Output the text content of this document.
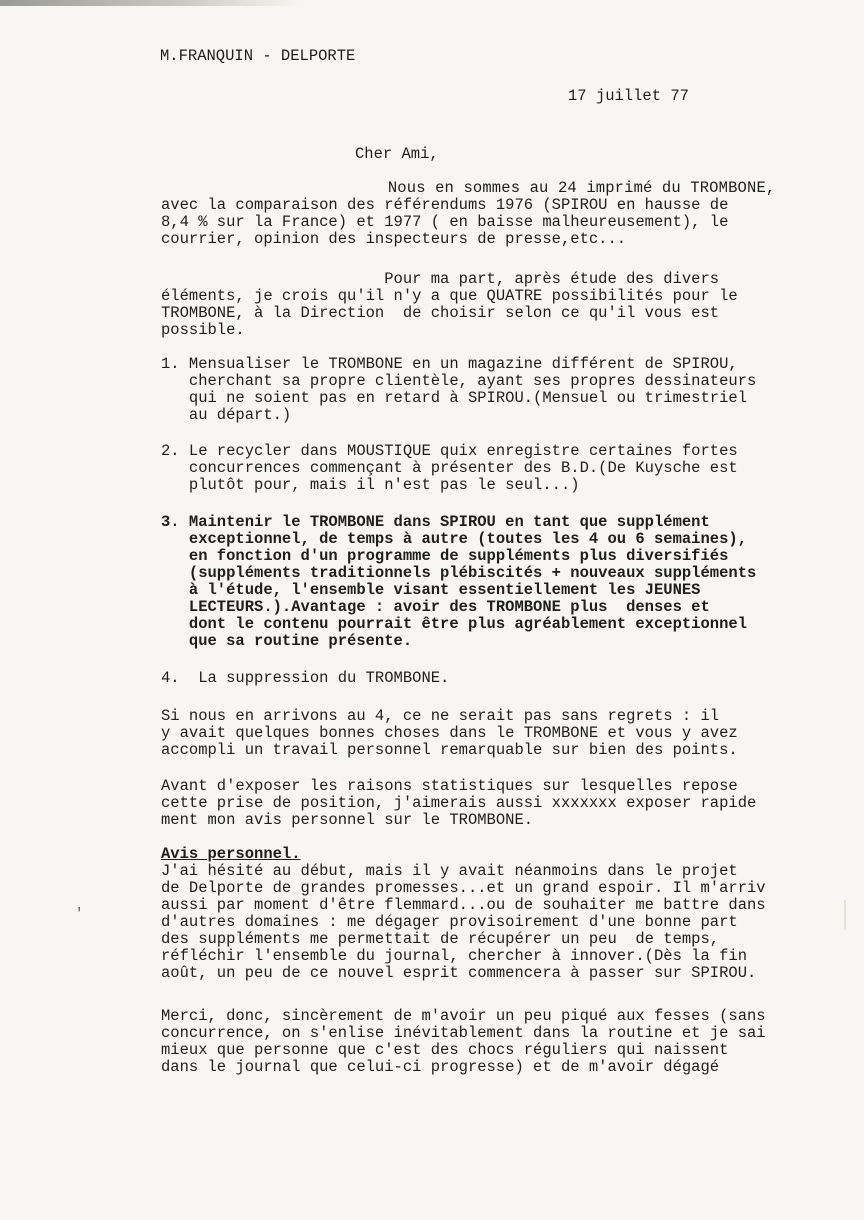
M.FRANQUIN - DELPORTE
17 juillet 77
Cher Ami,
Nous en sommes au 24 imprimé du TROMBONE,
avec la comparaison des référendums 1976 (SPIROU en hausse de
8,4 % sur la France) et 1977 ( en baisse malheureusement), le
courrier, opinion des inspecteurs de presse,etc...
Pour ma part, après étude des divers
éléments, je crois qu'il n'y a que QUATRE possibilités pour le
TROMBONE, à la Direction  de choisir selon ce qu'il vous est
possible.
1. Mensualiser le TROMBONE en un magazine différent de SPIROU,
cherchant sa propre clientèle, ayant ses propres dessinateurs
qui ne soient pas en retard à SPIROU.(Mensuel ou trimestriel
au départ.)
2. Le recycler dans MOUSTIQUE quix enregistre certaines fortes
concurrences commençant à présenter des B.D.(De Kuysche est
plutôt pour, mais il n'est pas le seul...)
3. Maintenir le TROMBONE dans SPIROU en tant que supplément
exceptionnel, de temps à autre (toutes les 4 ou 6 semaines),
en fonction d'un programme de suppléments plus diversifiés
(suppléments traditionnels plébiscités + nouveaux suppléments
à l'étude, l'ensemble visant essentiellement les JEUNES
LECTEURS.).Avantage : avoir des TROMBONE plus  denses et
dont le contenu pourrait être plus agréablement exceptionnel
que sa routine présente.
4.  La suppression du TROMBONE.
Si nous en arrivons au 4, ce ne serait pas sans regrets : il
y avait quelques bonnes choses dans le TROMBONE et vous y avez
accompli un travail personnel remarquable sur bien des points.
Avant d'exposer les raisons statistiques sur lesquelles repose
cette prise de position, j'aimerais aussi xxxxxxx exposer rapide
ment mon avis personnel sur le TROMBONE.
Avis personnel.
J'ai hésité au début, mais il y avait néanmoins dans le projet
de Delporte de grandes promesses...et un grand espoir. Il m'arriv
aussi par moment d'être flemmard...ou de souhaiter me battre dans
d'autres domaines : me dégager provisoirement d'une bonne part
des suppléments me permettait de récupérer un peu  de temps,
réfléchir l'ensemble du journal, chercher à innover.(Dès la fin
août, un peu de ce nouvel esprit commencera à passer sur SPIROU.
Merci, donc, sincèrement de m'avoir un peu piqué aux fesses (sans
concurrence, on s'enlise inévitablement dans la routine et je sai
mieux que personne que c'est des chocs réguliers qui naissent
dans le journal que celui-ci progresse) et de m'avoir dégagé
'
